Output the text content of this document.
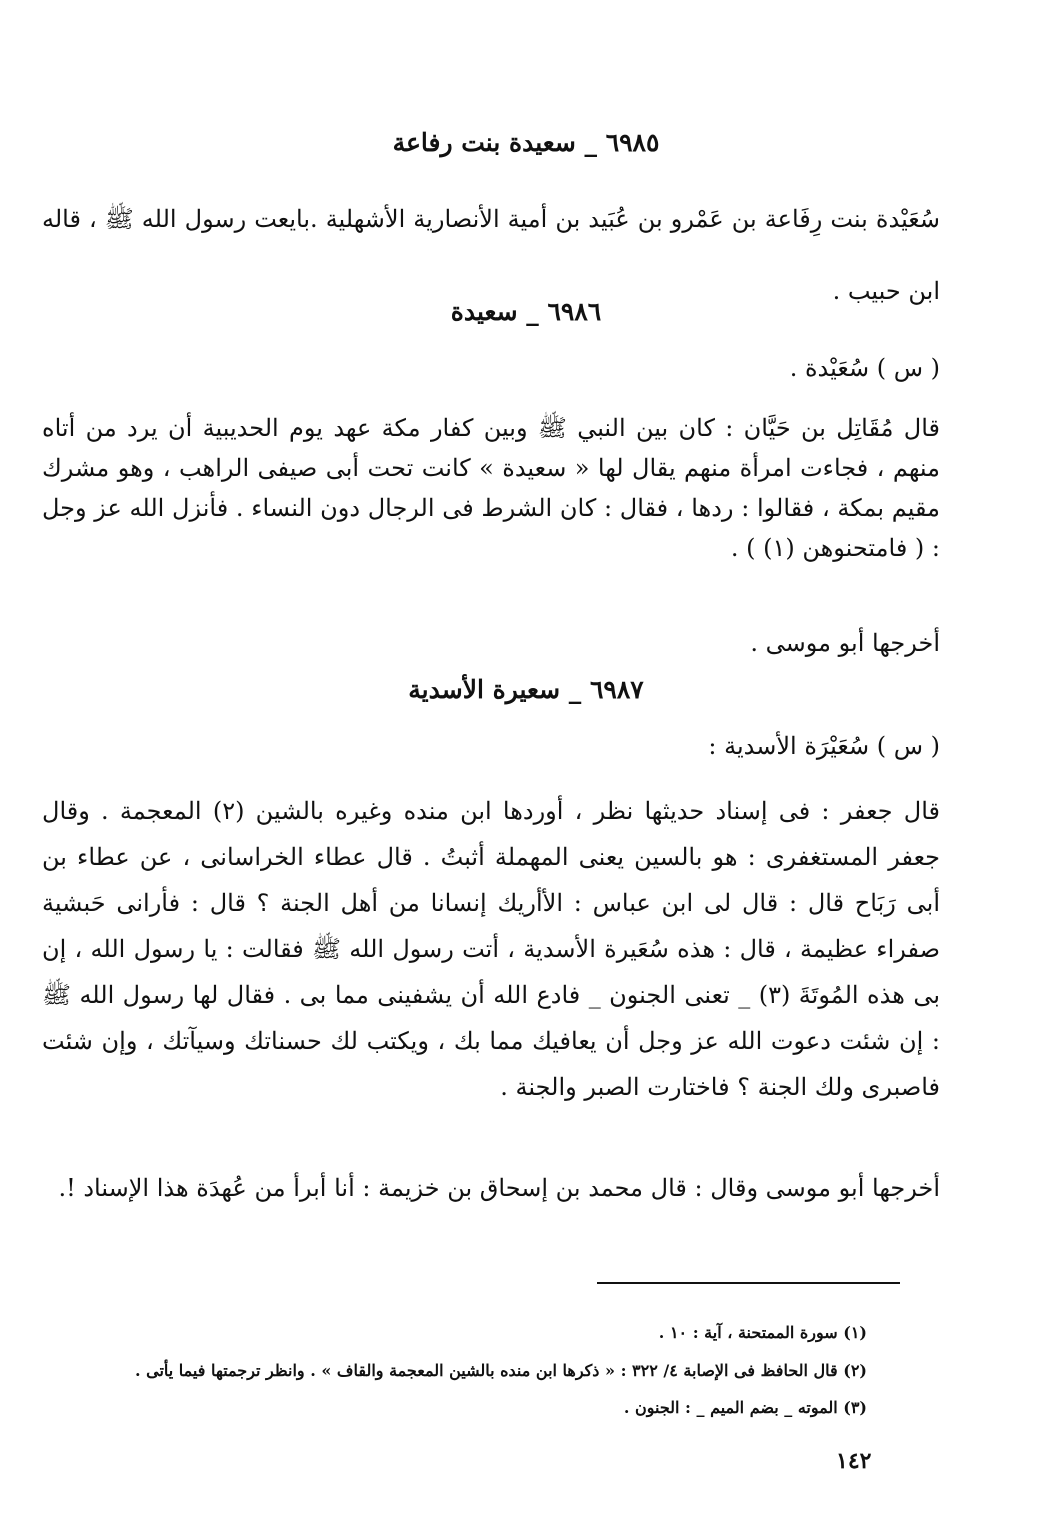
٦٩٨٥ _ سعيدة بنت رفاعة
سُعَيْدة بنت رِفَاعة بن عَمْرو بن عُبَيد بن أمية الأنصارية الأشهلية .بايعت رسول الله ﷺ ، قاله ابن حبيب .
٦٩٨٦ _ سعيدة
( س ) سُعَيْدة .
قال مُقَاتِل بن حَيَّان : كان بين النبي ﷺ وبين كفار مكة عهد يوم الحديبية أن يرد من أتاه منهم ، فجاءت امرأة منهم يقال لها « سعيدة » كانت تحت أبى صيفى الراهب ، وهو مشرك مقيم بمكة ، فقالوا : ردها ، فقال : كان الشرط فى الرجال دون النساء . فأنزل الله عز وجل : ( فامتحنوهن (١) ) .
أخرجها أبو موسى .
٦٩٨٧ _ سعيرة الأسدية
( س ) سُعَيْرَة الأسدية :
قال جعفر : فى إسناد حديثها نظر ، أوردها ابن منده وغيره بالشين (٢) المعجمة . وقال جعفر المستغفرى : هو بالسين يعنى المهملة أثبتُ . قال عطاء الخراسانى ، عن عطاء بن أبى رَبَاح قال : قال لى ابن عباس : الأأريك إنسانا من أهل الجنة ؟ قال : فأرانى حَبشية صفراء عظيمة ، قال : هذه سُعَيرة الأسدية ، أتت رسول الله ﷺ فقالت : يا رسول الله ، إن بى هذه المُوتَةَ (٣) _ تعنى الجنون _ فادع الله أن يشفينى مما بى . فقال لها رسول الله ﷺ : إن شئت دعوت الله عز وجل أن يعافيك مما بك ، ويكتب لك حسناتك وسيآتك ، وإن شئت فاصبرى ولك الجنة ؟ فاختارت الصبر والجنة .
أخرجها أبو موسى وقال : قال محمد بن إسحاق بن خزيمة : أنا أبرأ من عُهدَة هذا الإسناد !.
(١) سورة الممتحنة ، آية : ١٠ .
(٢) قال الحافظ فى الإصابة ٤/ ٣٢٢ : « ذكرها ابن منده بالشين المعجمة والقاف » . وانظر ترجمتها فيما يأتى .
(٣) الموته _ بضم الميم _ : الجنون .
١٤٢
